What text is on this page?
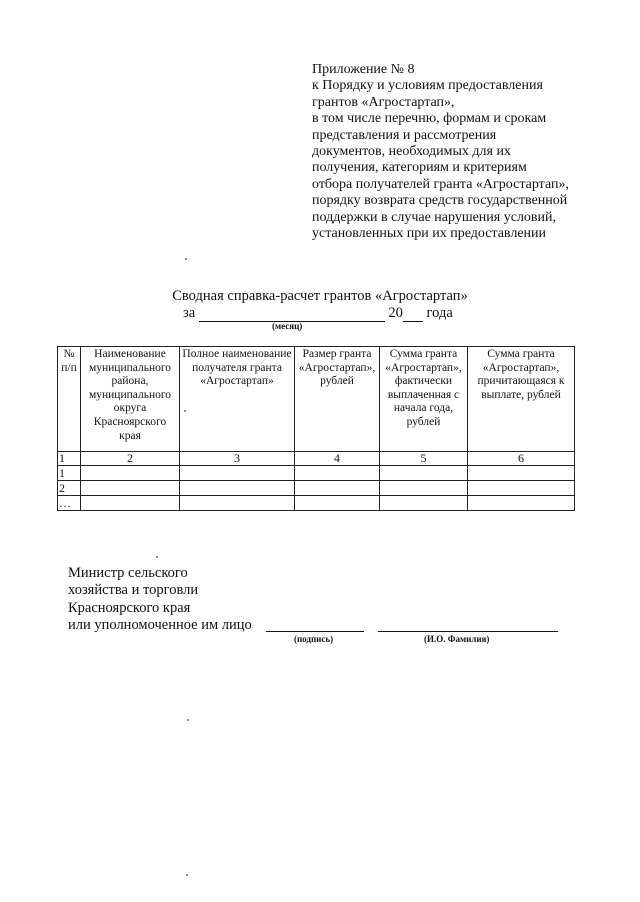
Приложение № 8
к Порядку и условиям предоставления
грантов «Агростартап»,
в том числе перечню, формам и срокам
представления и рассмотрения
документов, необходимых для их
получения, категориям и критериям
отбора получателей гранта «Агростартап»,
порядку возврата средств государственной
поддержки в случае нарушения условий,
установленных при их предоставлении
Сводная справка-расчет грантов «Агростартап»
за	20 года
(месяц)
№ п/п	Наименование муниципального района, муниципального округа Красноярского края	Полное наименование получателя гранта «Агростартап»	Размер гранта «Агростартап», рублей	Сумма гранта «Агростартап», фактически выплаченная с начала года, рублей	Сумма гранта «Агростартап», причитающаяся к выплате, рублей
1	2	3	4	5	6
1					
2					
…					
Министр сельского
хозяйства и торговли
Красноярского края
или уполномоченное им лицо
(подпись)	(И.О. Фамилия)
